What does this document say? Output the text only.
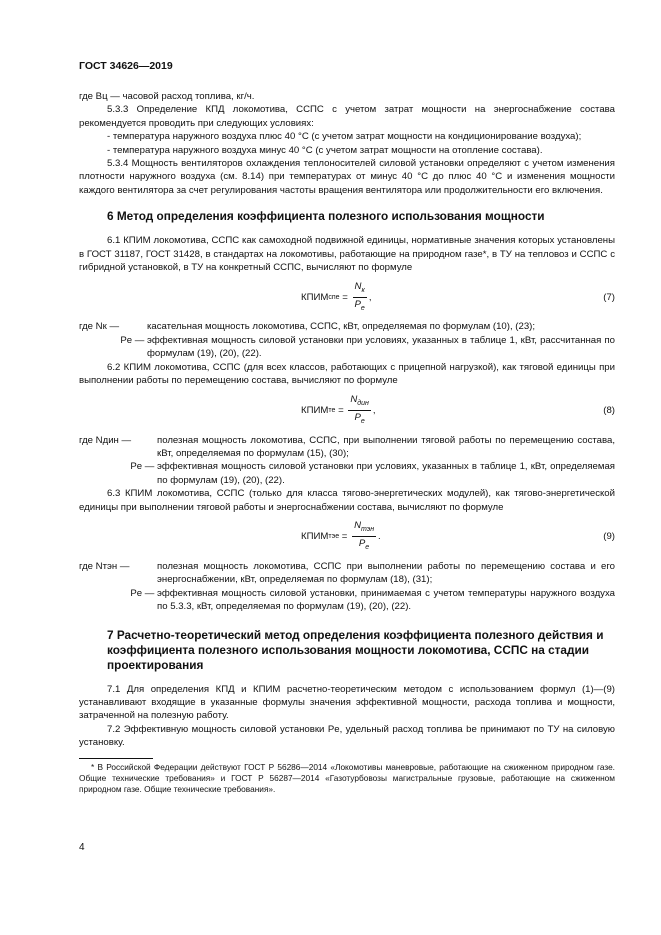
ГОСТ 34626—2019

где Bц — часовой расход топлива, кг/ч.

5.3.3 Определение КПД локомотива, ССПС с учетом затрат мощности на энергоснабжение состава рекомендуется проводить при следующих условиях:

- температура наружного воздуха плюс 40 °С (с учетом затрат мощности на кондиционирование воздуха);

- температура наружного воздуха минус 40 °С (с учетом затрат мощности на отопление состава).

5.3.4 Мощность вентиляторов охлаждения теплоносителей силовой установки определяют с учетом изменения плотности наружного воздуха (см. 8.14) при температурах от минус 40 °С до плюс 40 °С и изменения мощности каждого вентилятора за счет регулирования частоты вращения вентилятора или продолжительности его включения.

6 Метод определения коэффициента полезного использования мощности

6.1 КПИМ локомотива, ССПС как самоходной подвижной единицы, нормативные значения которых установлены в ГОСТ 31187, ГОСТ 31428, в стандартах на локомотивы, работающие на природном газе*, в ТУ на тепловоз и ССПС с гибридной установкой, в ТУ на конкретный ССПС, вычисляют по формуле

КПИМ спе = $\frac{N_к}{P_e}$ ,	(7)
где Nк —	касательная мощность локомотива, ССПС, кВт, определяемая по формулам (10), (23);
Pe — эффективная мощность силовой установки при условиях, указанных в таблице 1, кВт, рассчитанная по формулам (19), (20), (22).

6.2 КПИМ локомотива, ССПС (для всех классов, работающих с прицепной нагрузкой), как тяговой единицы при выполнении работы по перемещению состава, вычисляют по формуле

КПИМ те = $\frac{N_{дин}}{P_e}$ ,	(8)
где Nдин —	полезная мощность локомотива, ССПС, при выполнении тяговой работы по перемещению состава, кВт, определяемая по формулам (15), (30);
Pe — эффективная мощность силовой установки при условиях, указанных в таблице 1, кВт, определяемая по формулам (19), (20), (22).

6.3 КПИМ локомотива, ССПС (только для класса тягово-энергетических модулей), как тягово-энергетической единицы при выполнении тяговой работы и энергоснабжении состава, вычисляют по формуле

КПИМ тэе = $\frac{N_{тэн}}{P_e}$ .	(9)
где Nтэн —	полезная мощность локомотива, ССПС при выполнении работы по перемещению состава и его энергоснабжении, кВт, определяемая по формулам (18), (31);
Pe — эффективная мощность силовой установки, принимаемая с учетом температуры наружного воздуха по 5.3.3, кВт, определяемая по формулам (19), (20), (22).
7 Расчетно-теоретический метод определения коэффициента полезного действия и коэффициента полезного использования мощности локомотива, ССПС на стадии проектирования

7.1 Для определения КПД и КПИМ расчетно-теоретическим методом с использованием формул (1)—(9) устанавливают входящие в указанные формулы значения эффективной мощности, расхода топлива и мощности, затраченной на полезную работу.

7.2 Эффективную мощность силовой установки Pe, удельный расход топлива be принимают по ТУ на силовую установку.

* В Российской Федерации действуют ГОСТ Р 56286—2014 «Локомотивы маневровые, работающие на сжиженном природном газе. Общие технические требования» и ГОСТ Р 56287—2014 «Газотурбовозы магистральные грузовые, работающие на сжиженном природном газе. Общие технические требования».

4
